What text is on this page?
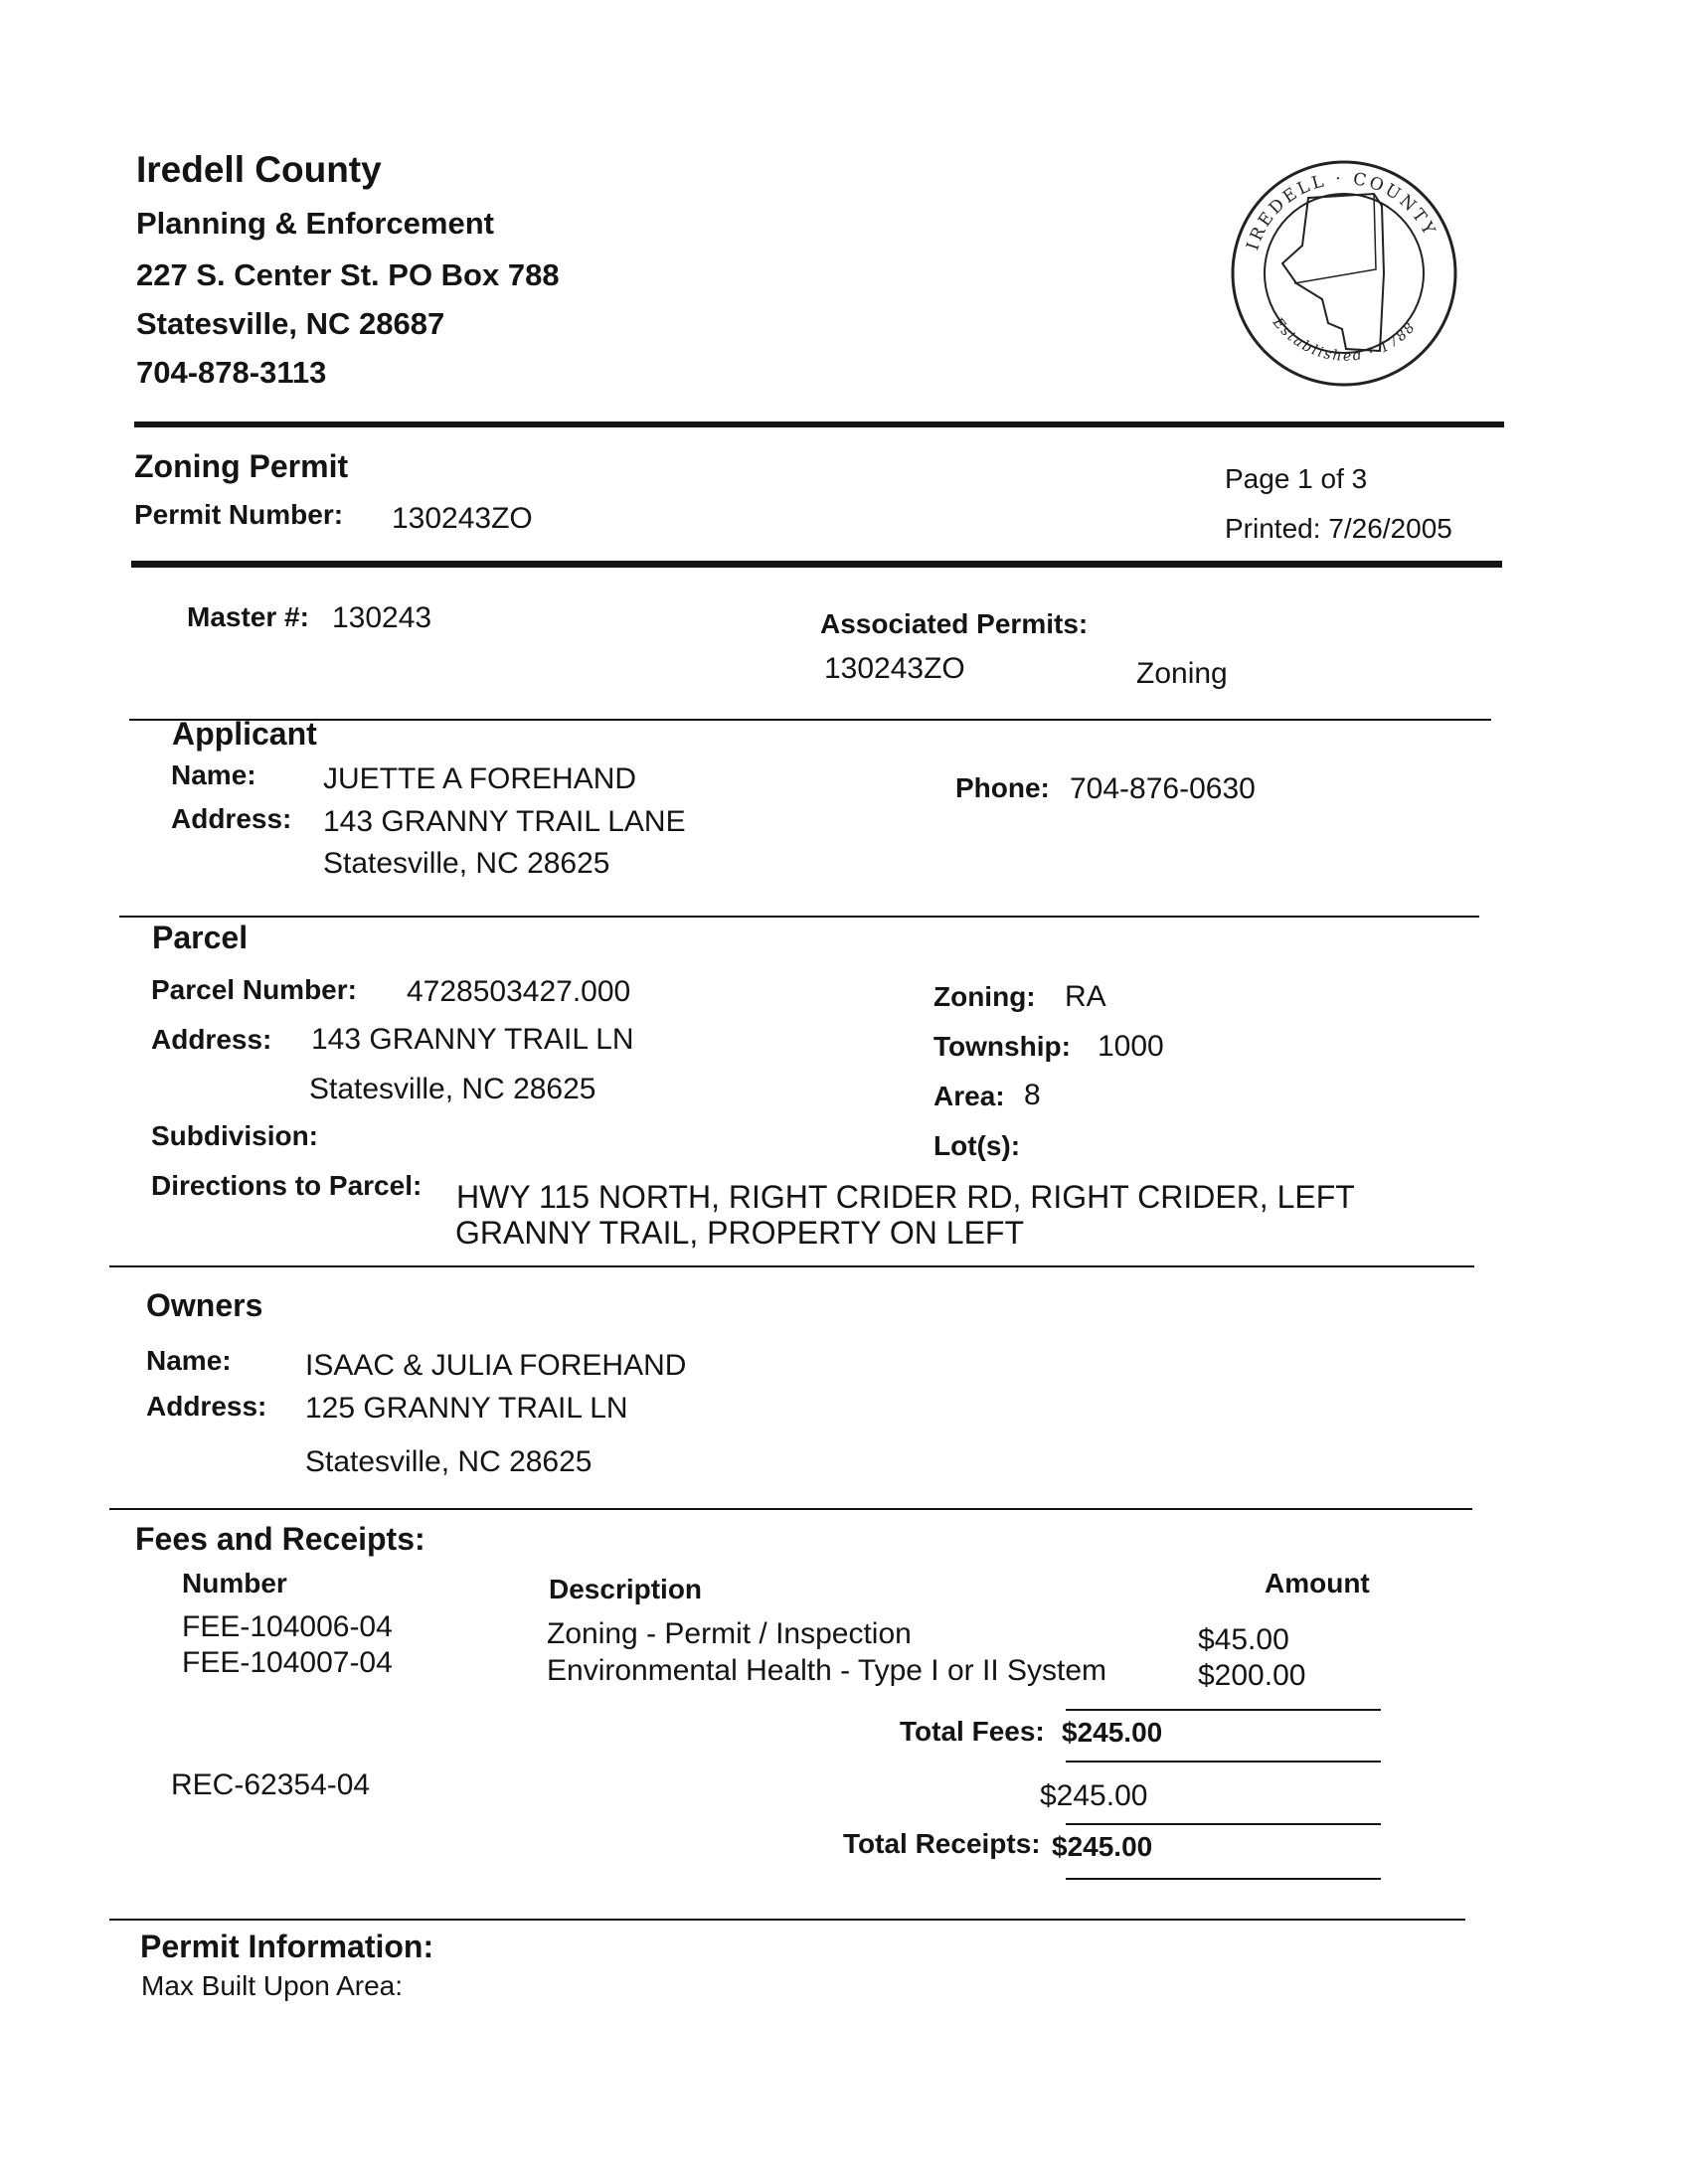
Iredell County
Planning & Enforcement
227 S. Center St. PO Box 788
Statesville, NC 28687
704-878-3113
IREDELL · COUNTY
Established · 1788
Zoning Permit
Permit Number: 130243ZO
Page 1 of 3
Printed: 7/26/2005
Master #: 130243	Associated Permits:
130243ZO	Zoning
Applicant
Name: JUETTE A FOREHAND
Address: 143 GRANNY TRAIL LANE
Statesville, NC 28625
Phone: 704-876-0630
Parcel
Parcel Number: 4728503427.000
Address: 143 GRANNY TRAIL LN
Statesville, NC 28625
Subdivision:
Zoning: RA
Township: 1000
Area: 8
Lot(s):
Directions to Parcel: HWY 115 NORTH, RIGHT CRIDER RD, RIGHT CRIDER, LEFT
GRANNY TRAIL, PROPERTY ON LEFT
Owners
Name: ISAAC & JULIA FOREHAND
Address: 125 GRANNY TRAIL LN
Statesville, NC 28625
Fees and Receipts:
Number	Description	Amount
FEE-104006-04	Zoning - Permit / Inspection	$45.00
FEE-104007-04	Environmental Health - Type I or II System	$200.00
Total Fees: $245.00
REC-62354-04	$245.00
Total Receipts: $245.00
Permit Information:
Max Built Upon Area:
